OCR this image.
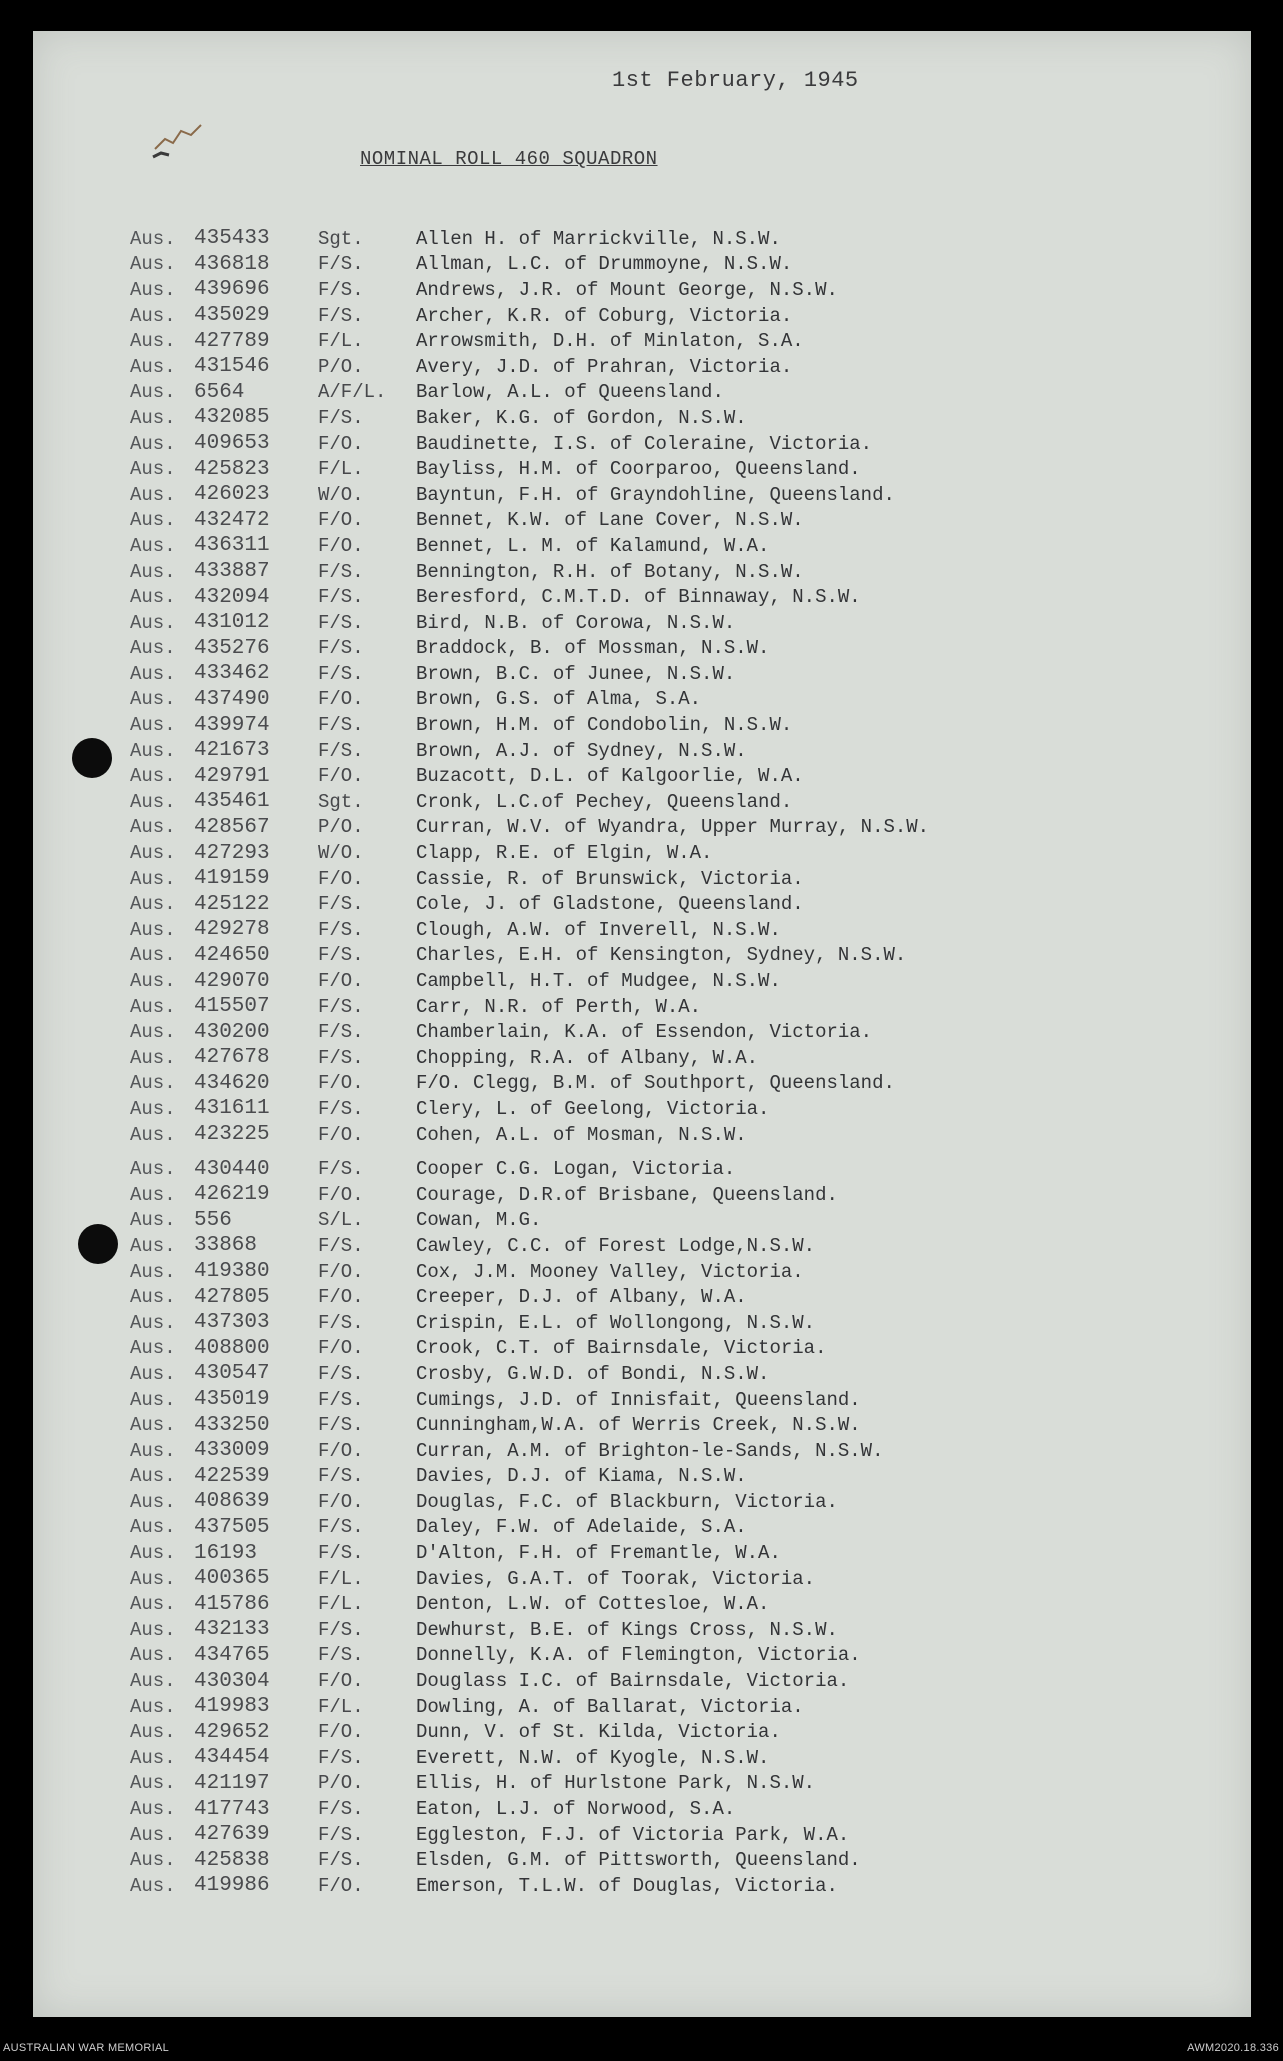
1st February, 1945
NOMINAL ROLL 460 SQUADRON
Aus. 435433	Sgt.	Allen H. of Marrickville, N.S.W.
Aus. 436818	F/S.	Allman, L.C. of Drummoyne, N.S.W.
Aus. 439696	F/S.	Andrews, J.R. of Mount George, N.S.W.
Aus. 435029	F/S.	Archer, K.R. of Coburg, Victoria.
Aus. 427789	F/L.	Arrowsmith, D.H. of Minlaton, S.A.
Aus. 431546	P/O.	Avery, J.D. of Prahran, Victoria.
Aus. 6564	A/F/L.	Barlow, A.L. of Queensland.
Aus. 432085	F/S.	Baker, K.G. of Gordon, N.S.W.
Aus. 409653	F/O.	Baudinette, I.S. of Coleraine, Victoria.
Aus. 425823	F/L.	Bayliss, H.M. of Coorparoo, Queensland.
Aus. 426023	W/O.	Bayntun, F.H. of Grayndohline, Queensland.
Aus. 432472	F/O.	Bennet, K.W. of Lane Cover, N.S.W.
Aus. 436311	F/O.	Bennet, L. M. of Kalamund, W.A.
Aus. 433887	F/S.	Bennington, R.H. of Botany, N.S.W.
Aus. 432094	F/S.	Beresford, C.M.T.D. of Binnaway, N.S.W.
Aus. 431012	F/S.	Bird, N.B. of Corowa, N.S.W.
Aus. 435276	F/S.	Braddock, B. of Mossman, N.S.W.
Aus. 433462	F/S.	Brown, B.C. of Junee, N.S.W.
Aus. 437490	F/O.	Brown, G.S. of Alma, S.A.
Aus. 439974	F/S.	Brown, H.M. of Condobolin, N.S.W.
Aus. 421673	F/S.	Brown, A.J. of Sydney, N.S.W.
Aus. 429791	F/O.	Buzacott, D.L. of Kalgoorlie, W.A.
Aus. 435461	Sgt.	Cronk, L.C.of Pechey, Queensland.
Aus. 428567	P/O.	Curran, W.V. of Wyandra, Upper Murray, N.S.W.
Aus. 427293	W/O.	Clapp, R.E. of Elgin, W.A.
Aus. 419159	F/O.	Cassie, R. of Brunswick, Victoria.
Aus. 425122	F/S.	Cole, J. of Gladstone, Queensland.
Aus. 429278	F/S.	Clough, A.W. of Inverell, N.S.W.
Aus. 424650	F/S.	Charles, E.H. of Kensington, Sydney, N.S.W.
Aus. 429070	F/O.	Campbell, H.T. of Mudgee, N.S.W.
Aus. 415507	F/S.	Carr, N.R. of Perth, W.A.
Aus. 430200	F/S.	Chamberlain, K.A. of Essendon, Victoria.
Aus. 427678	F/S.	Chopping, R.A. of Albany, W.A.
Aus. 434620	F/O.	F/O. Clegg, B.M. of Southport, Queensland.
Aus. 431611	F/S.	Clery, L. of Geelong, Victoria.
Aus. 423225	F/O.	Cohen, A.L. of Mosman, N.S.W.
Aus. 430440	F/S.	Cooper C.G. Logan, Victoria.
Aus. 426219	F/O.	Courage, D.R.of Brisbane, Queensland.
Aus. 556	S/L.	Cowan, M.G.
Aus. 33868	F/S.	Cawley, C.C. of Forest Lodge,N.S.W.
Aus. 419380	F/O.	Cox, J.M. Mooney Valley, Victoria.
Aus. 427805	F/O.	Creeper, D.J. of Albany, W.A.
Aus. 437303	F/S.	Crispin, E.L. of Wollongong, N.S.W.
Aus. 408800	F/O.	Crook, C.T. of Bairnsdale, Victoria.
Aus. 430547	F/S.	Crosby, G.W.D. of Bondi, N.S.W.
Aus. 435019	F/S.	Cumings, J.D. of Innisfait, Queensland.
Aus. 433250	F/S.	Cunningham,W.A. of Werris Creek, N.S.W.
Aus. 433009	F/O.	Curran, A.M. of Brighton-le-Sands, N.S.W.
Aus. 422539	F/S.	Davies, D.J. of Kiama, N.S.W.
Aus. 408639	F/O.	Douglas, F.C. of Blackburn, Victoria.
Aus. 437505	F/S.	Daley, F.W. of Adelaide, S.A.
Aus. 16193	F/S.	D'Alton, F.H. of Fremantle, W.A.
Aus. 400365	F/L.	Davies, G.A.T. of Toorak, Victoria.
Aus. 415786	F/L.	Denton, L.W. of Cottesloe, W.A.
Aus. 432133	F/S.	Dewhurst, B.E. of Kings Cross, N.S.W.
Aus. 434765	F/S.	Donnelly, K.A. of Flemington, Victoria.
Aus. 430304	F/O.	Douglass I.C. of Bairnsdale, Victoria.
Aus. 419983	F/L.	Dowling, A. of Ballarat, Victoria.
Aus. 429652	F/O.	Dunn, V. of St. Kilda, Victoria.
Aus. 434454	F/S.	Everett, N.W. of Kyogle, N.S.W.
Aus. 421197	P/O.	Ellis, H. of Hurlstone Park, N.S.W.
Aus. 417743	F/S.	Eaton, L.J. of Norwood, S.A.
Aus. 427639	F/S.	Eggleston, F.J. of Victoria Park, W.A.
Aus. 425838	F/S.	Elsden, G.M. of Pittsworth, Queensland.
Aus. 419986	F/O.	Emerson, T.L.W. of Douglas, Victoria.
AUSTRALIAN WAR MEMORIAL	AWM2020.18.336
